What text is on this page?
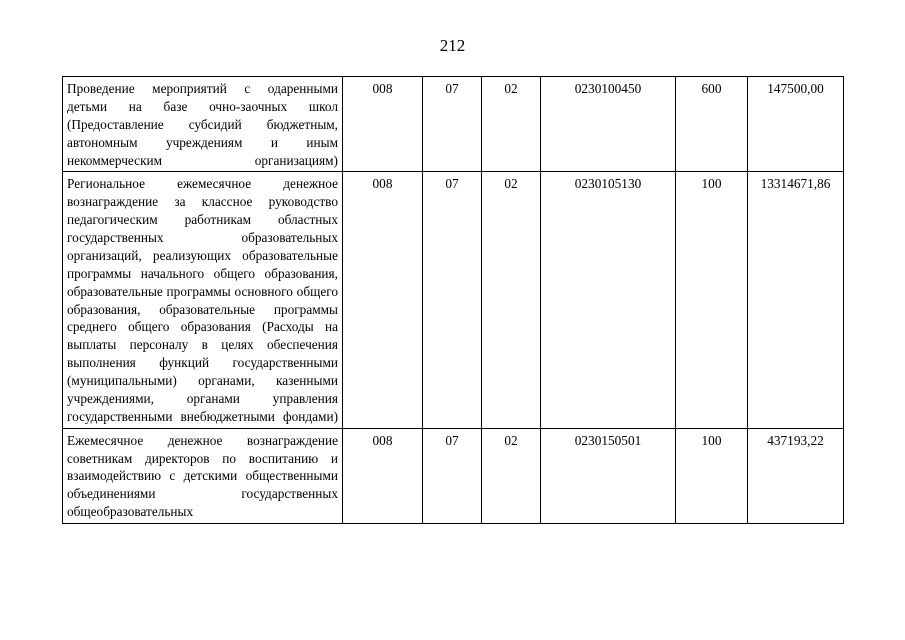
212
Проведение мероприятий с одаренными детьми на базе очно-заочных школ (Предоставление субсидий бюджетным, автономным учреждениям и иным некоммерческим организациям)	008	07	02	0230100450	600	147500,00
Региональное ежемесячное денежное вознаграждение за классное руководство педагогическим работникам областных государственных образовательных организаций, реализующих образовательные программы начального общего образования, образовательные программы основного общего образования, образовательные программы среднего общего образования (Расходы на выплаты персоналу в целях обеспечения выполнения функций государственными (муниципальными) органами, казенными учреждениями, органами управления государственными внебюджетными фондами)	008	07	02	0230105130	100	13314671,86
Ежемесячное денежное вознаграждение советникам директоров по воспитанию и взаимодействию с детскими общественными объединениями государственных общеобразовательных	008	07	02	0230150501	100	437193,22
